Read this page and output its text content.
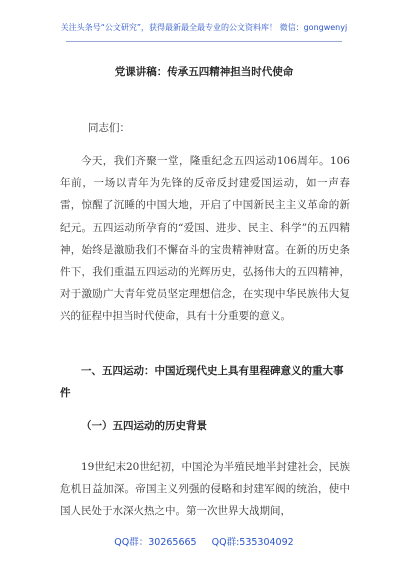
关注头条号“公文研究”，获得最新最全最专业的公文资料库！ 微信：gongwenyj
党课讲稿：传承五四精神担当时代使命
同志们：

今天，我们齐聚一堂，隆重纪念五四运动106周年。106年前，一场以青年为先锋的反帝反封建爱国运动，如一声春雷，惊醒了沉睡的中国大地，开启了中国新民主主义革命的新纪元。五四运动所孕育的“爱国、进步、民主、科学”的五四精神，始终是激励我们不懈奋斗的宝贵精神财富。在新的历史条件下，我们重温五四运动的光辉历史，弘扬伟大的五四精神，对于激励广大青年党员坚定理想信念，在实现中华民族伟大复兴的征程中担当时代使命，具有十分重要的意义。

一、五四运动：中国近现代史上具有里程碑意义的重大事件

（一）五四运动的历史背景

19世纪末20世纪初，中国沦为半殖民地半封建社会，民族危机日益加深。帝国主义列强的侵略和封建军阀的统治，使中国人民处于水深火热之中。第一次世界大战期间，

QQ群：30265665 QQ群:535304092
